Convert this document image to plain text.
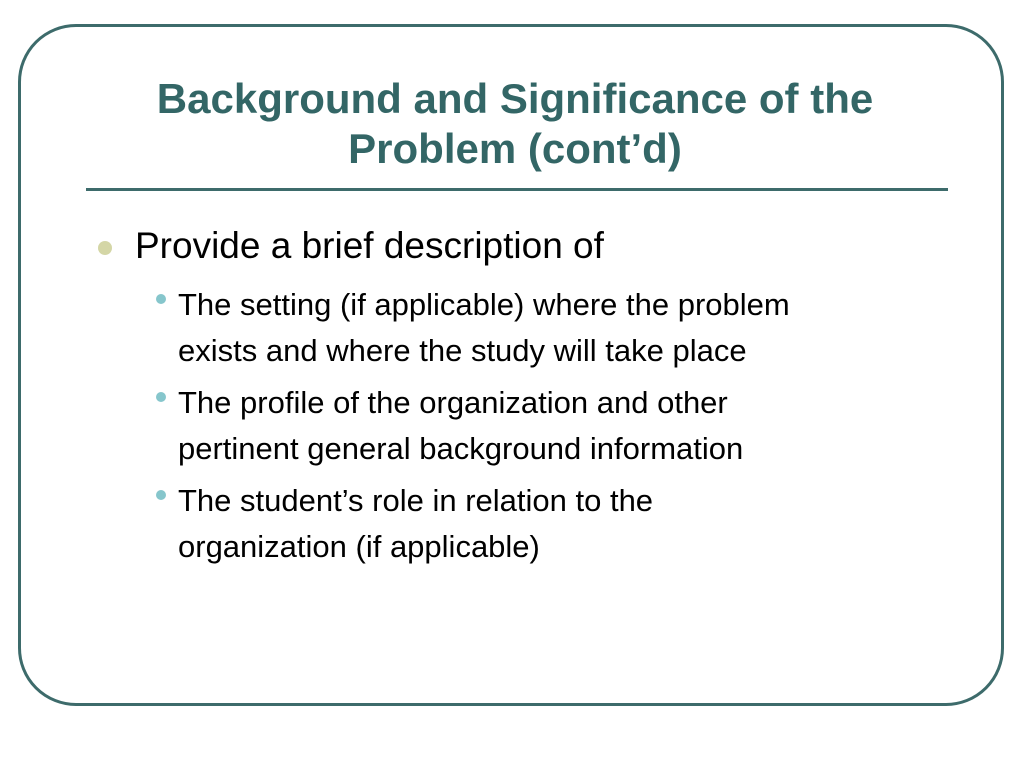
Background and Significance of the
Problem (cont’d)
Provide a brief description of
The setting (if applicable) where the problem
exists and where the study will take place
The profile of the organization and other
pertinent general background information
The student’s role in relation to the
organization (if applicable)
